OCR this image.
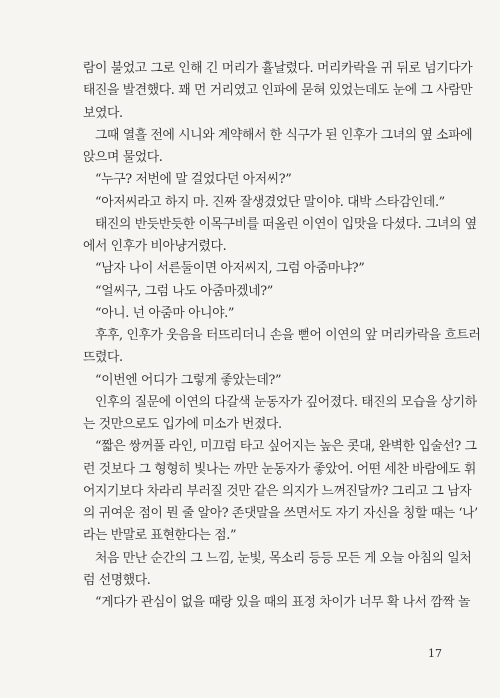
람이 불었고 그로 인해 긴 머리가 휼날렸다. 머리카락을 귀 뒤로 넘기다가
태진을 발견했다. 꽤 먼 거리였고 인파에 묻혀 있었는데도 눈에 그 사람만
보였다.
그때 열흘 전에 시니와 계약해서 한 식구가 된 인후가 그녀의 옆 소파에
앉으며 물었다.
“누구? 저번에 말 걸었다던 아저씨?”
“아저씨라고 하지 마. 진짜 잘생겼었단 말이야. 대박 스타감인데.”
태진의 반듯반듯한 이목구비를 떠올린 이연이 입맛을 다셨다. 그녀의 옆
에서 인후가 비아냥거렸다.
“남자 나이 서른둘이면 아저씨지, 그럼 아줌마냐?”
“얼씨구, 그럼 나도 아줌마겠네?”
“아니. 넌 아줌마 아니야.”
후후, 인후가 웃음을 터뜨리더니 손을 뻗어 이연의 앞 머리카락을 흐트러
뜨렸다.
“이번엔 어디가 그렇게 좋았는데?”
인후의 질문에 이연의 다갈색 눈동자가 깊어졌다. 태진의 모습을 상기하
는 것만으로도 입가에 미소가 번졌다.
“짧은 쌍꺼풀 라인, 미끄럼 타고 싶어지는 높은 콧대, 완벽한 입술선? 그
런 것보다 그 형형히 빛나는 까만 눈동자가 좋았어. 어떤 세찬 바람에도 휘
어지기보다 차라리 부러질 것만 같은 의지가 느껴진달까? 그리고 그 남자
의 귀여운 점이 뭔 줄 알아? 존댓말을 쓰면서도 자기 자신을 칭할 때는 ‘나’
라는 반말로 표현한다는 점.”
처음 만난 순간의 그 느낌, 눈빛, 목소리 등등 모든 게 오늘 아침의 일처
럼 선명했다.
“게다가 관심이 없을 때랑 있을 때의 표정 차이가 너무 확 나서 깜짝 놀
17
